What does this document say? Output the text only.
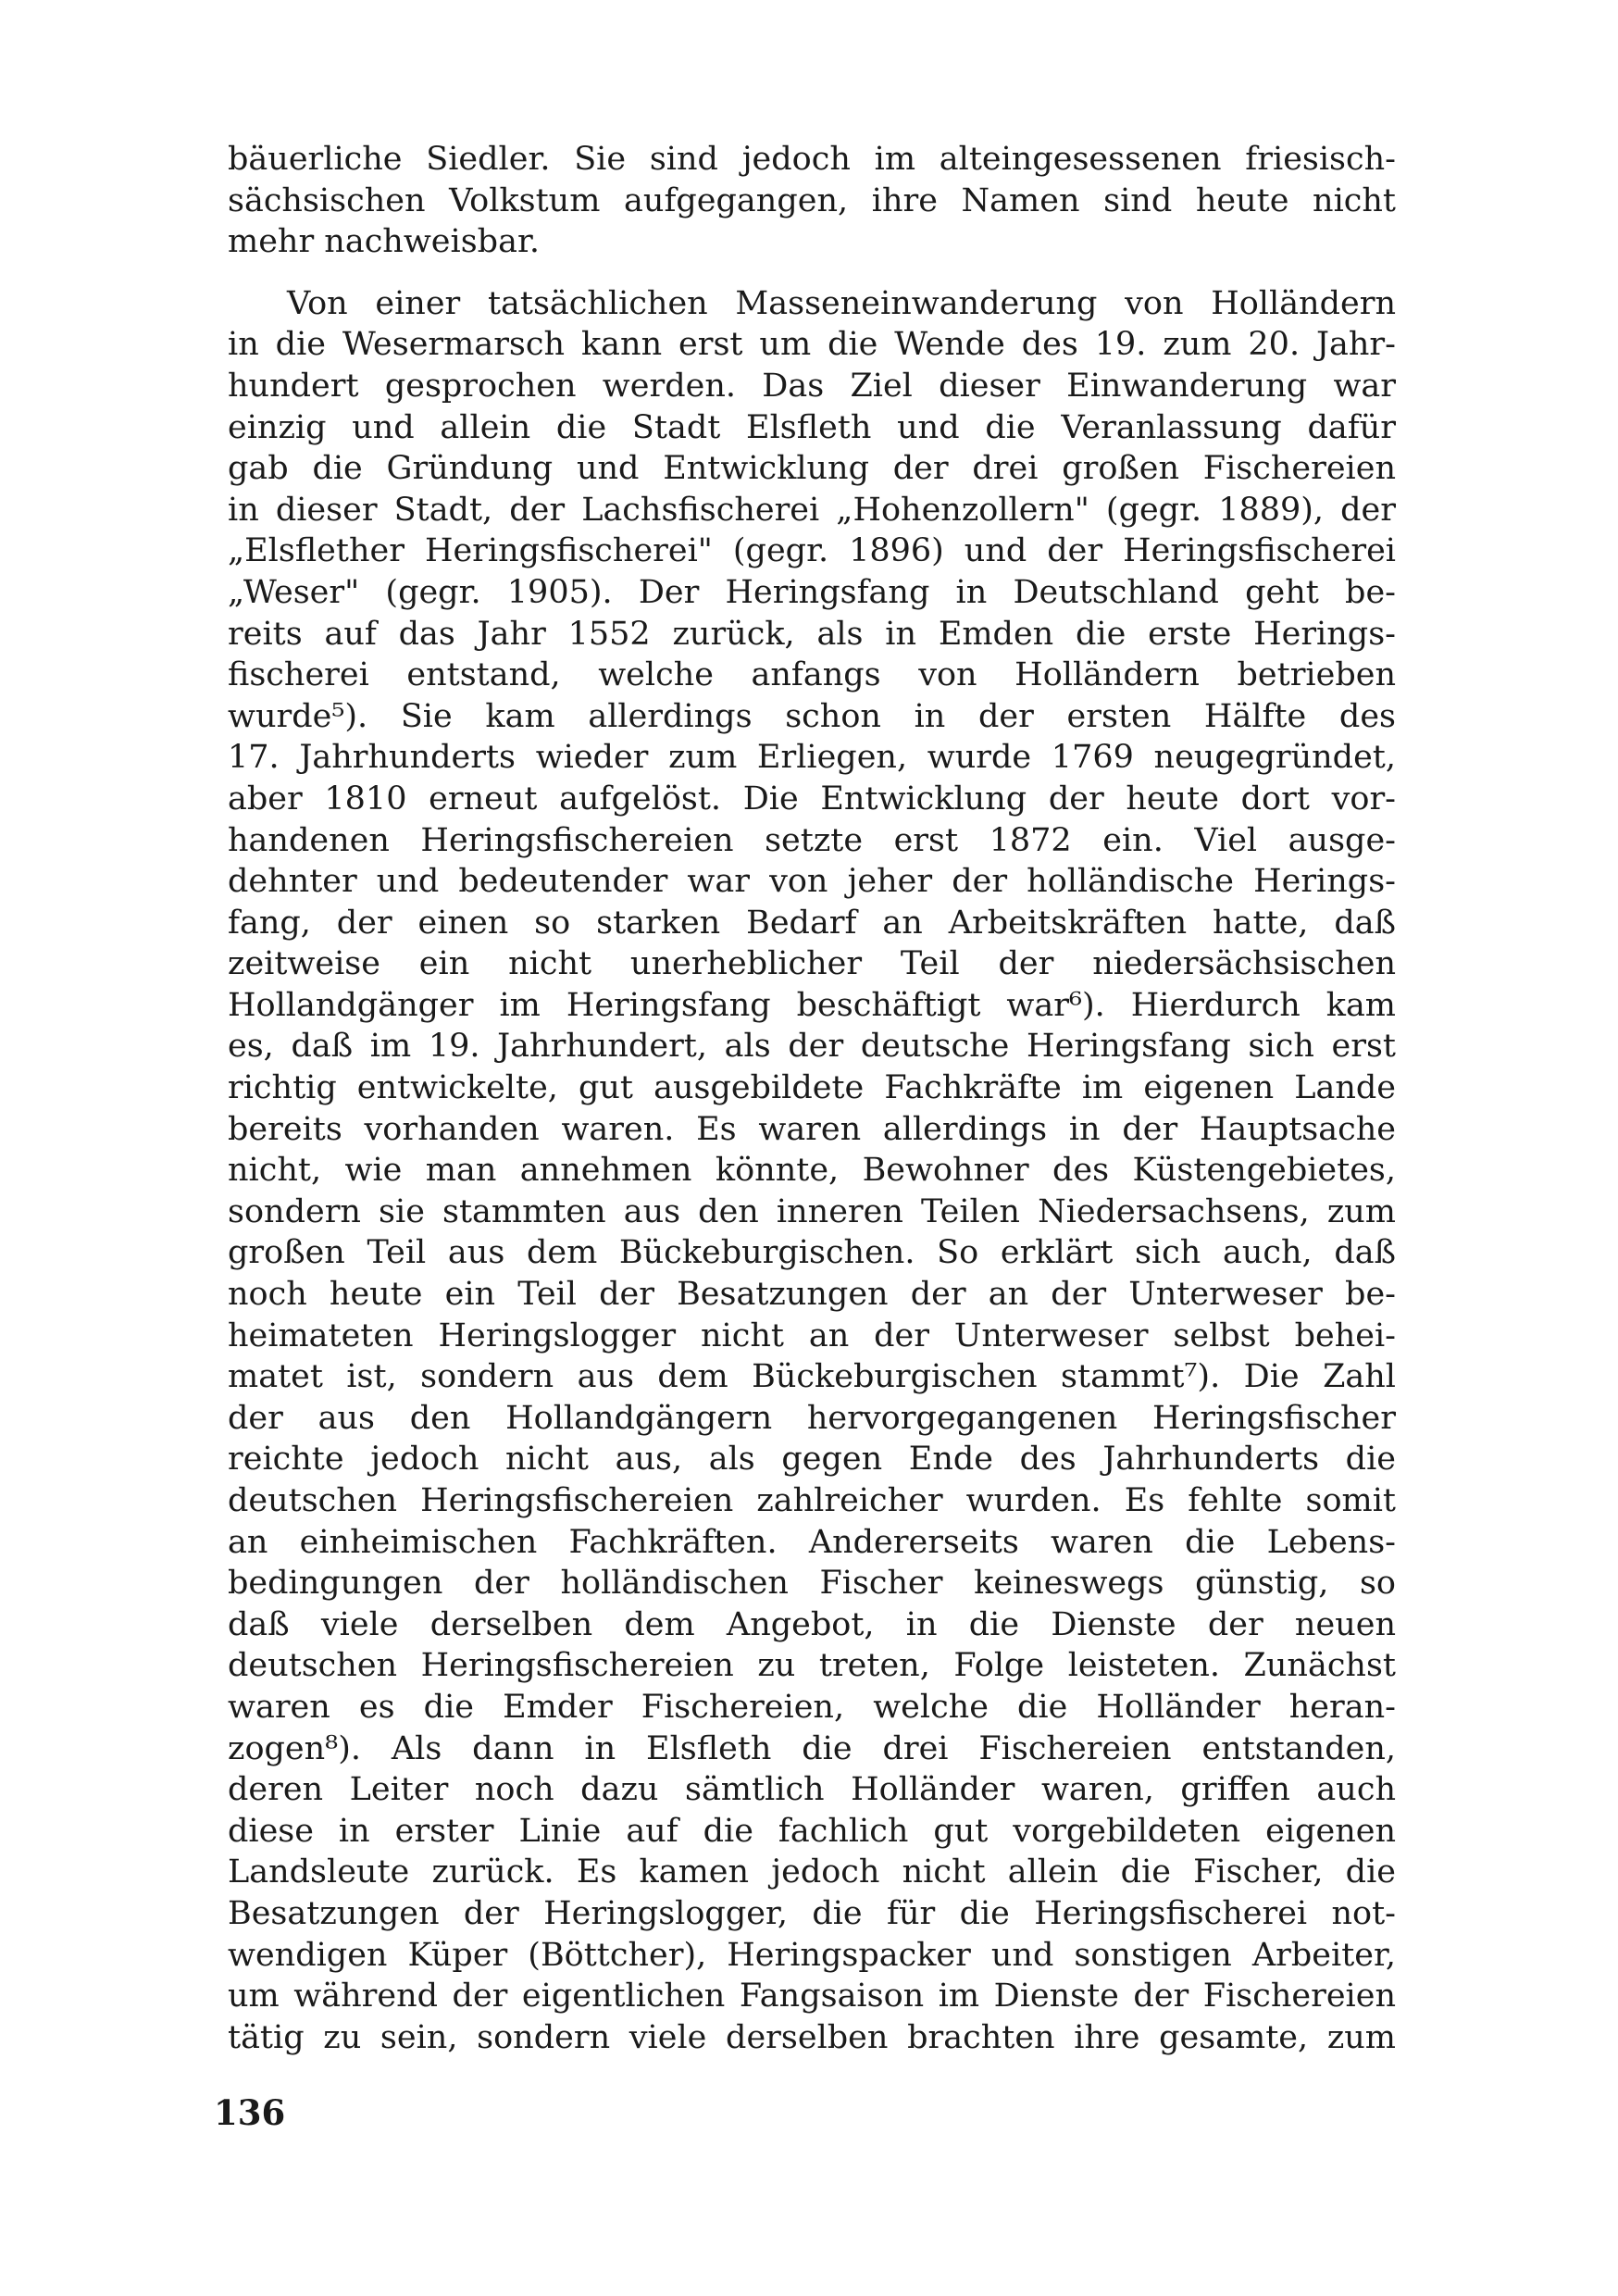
bäuerliche Siedler. Sie sind jedoch im alteingesessenen friesisch-
sächsischen Volkstum aufgegangen, ihre Namen sind heute nicht
mehr nachweisbar.
Von einer tatsächlichen Masseneinwanderung von Holländern
in die Wesermarsch kann erst um die Wende des 19. zum 20. Jahr-
hundert gesprochen werden. Das Ziel dieser Einwanderung war
einzig und allein die Stadt Elsfleth und die Veranlassung dafür
gab die Gründung und Entwicklung der drei großen Fischereien
in dieser Stadt, der Lachsfischerei „Hohenzollern" (gegr. 1889), der
„Elsflether Heringsfischerei" (gegr. 1896) und der Heringsfischerei
„Weser" (gegr. 1905). Der Heringsfang in Deutschland geht be-
reits auf das Jahr 1552 zurück, als in Emden die erste Herings-
fischerei entstand, welche anfangs von Holländern betrieben
wurde⁵). Sie kam allerdings schon in der ersten Hälfte des
17. Jahrhunderts wieder zum Erliegen, wurde 1769 neugegründet,
aber 1810 erneut aufgelöst. Die Entwicklung der heute dort vor-
handenen Heringsfischereien setzte erst 1872 ein. Viel ausge-
dehnter und bedeutender war von jeher der holländische Herings-
fang, der einen so starken Bedarf an Arbeitskräften hatte, daß
zeitweise ein nicht unerheblicher Teil der niedersächsischen
Hollandgänger im Heringsfang beschäftigt war⁶). Hierdurch kam
es, daß im 19. Jahrhundert, als der deutsche Heringsfang sich erst
richtig entwickelte, gut ausgebildete Fachkräfte im eigenen Lande
bereits vorhanden waren. Es waren allerdings in der Hauptsache
nicht, wie man annehmen könnte, Bewohner des Küstengebietes,
sondern sie stammten aus den inneren Teilen Niedersachsens, zum
großen Teil aus dem Bückeburgischen. So erklärt sich auch, daß
noch heute ein Teil der Besatzungen der an der Unterweser be-
heimateten Heringslogger nicht an der Unterweser selbst behei-
matet ist, sondern aus dem Bückeburgischen stammt⁷). Die Zahl
der aus den Hollandgängern hervorgegangenen Heringsfischer
reichte jedoch nicht aus, als gegen Ende des Jahrhunderts die
deutschen Heringsfischereien zahlreicher wurden. Es fehlte somit
an einheimischen Fachkräften. Andererseits waren die Lebens-
bedingungen der holländischen Fischer keineswegs günstig, so
daß viele derselben dem Angebot, in die Dienste der neuen
deutschen Heringsfischereien zu treten, Folge leisteten. Zunächst
waren es die Emder Fischereien, welche die Holländer heran-
zogen⁸). Als dann in Elsfleth die drei Fischereien entstanden,
deren Leiter noch dazu sämtlich Holländer waren, griffen auch
diese in erster Linie auf die fachlich gut vorgebildeten eigenen
Landsleute zurück. Es kamen jedoch nicht allein die Fischer, die
Besatzungen der Heringslogger, die für die Heringsfischerei not-
wendigen Küper (Böttcher), Heringspacker und sonstigen Arbeiter,
um während der eigentlichen Fangsaison im Dienste der Fischereien
tätig zu sein, sondern viele derselben brachten ihre gesamte, zum
136
